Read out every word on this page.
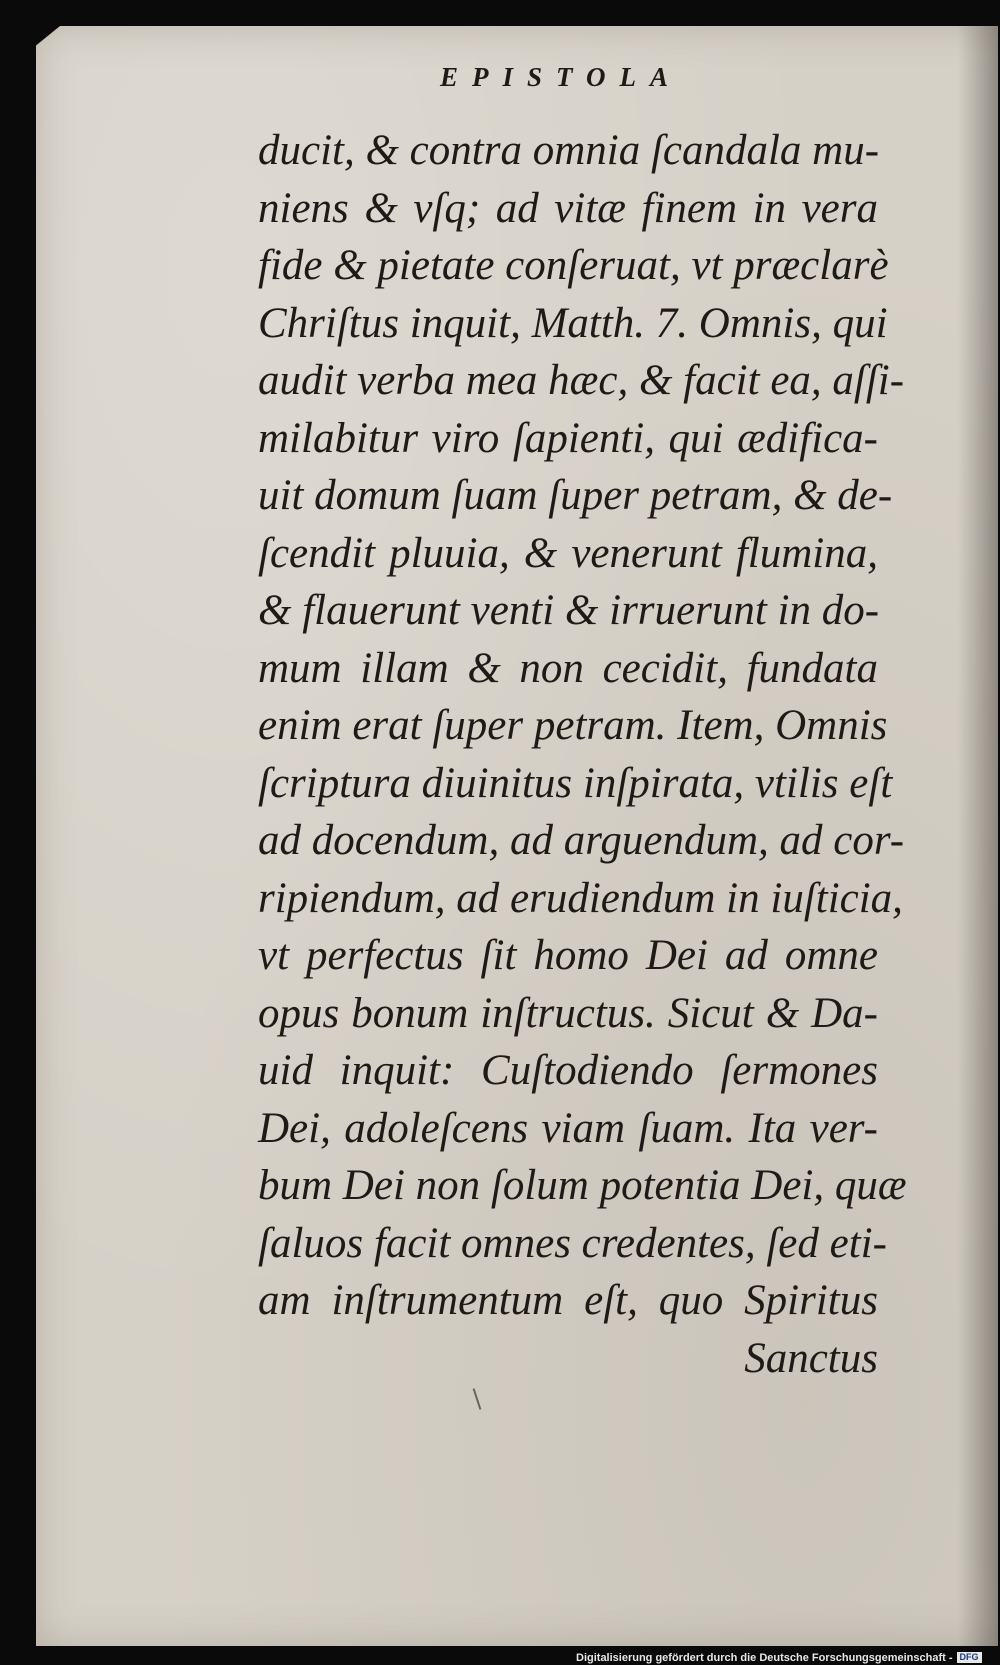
EPISTOLA
ducit, & contra omnia ſcandala mu-
niens & vſq; ad vitæ finem in vera
fide & pietate conſeruat, vt præclarè
Chriſtus inquit, Matth. 7. Omnis, qui
audit verba mea hæc, & facit ea, aſſi-
milabitur viro ſapienti, qui ædifica-
uit domum ſuam ſuper petram, & de-
ſcendit pluuia, & venerunt flumina,
& flauerunt venti & irruerunt in do-
mum illam & non cecidit, fundata
enim erat ſuper petram. Item, Omnis
ſcriptura diuinitus inſpirata, vtilis eſt
ad docendum, ad arguendum, ad cor-
ripiendum, ad erudiendum in iuſticia,
vt perfectus ſit homo Dei ad omne
opus bonum inſtructus. Sicut & Da-
uid inquit: Cuſtodiendo ſermones
Dei, adoleſcens viam ſuam. Ita ver-
bum Dei non ſolum potentia Dei, quæ
ſaluos facit omnes credentes, ſed eti-
am inſtrumentum eſt, quo Spiritus
Sanctus
Digitalisierung gefördert durch die Deutsche Forschungsgemeinschaft - DFG
